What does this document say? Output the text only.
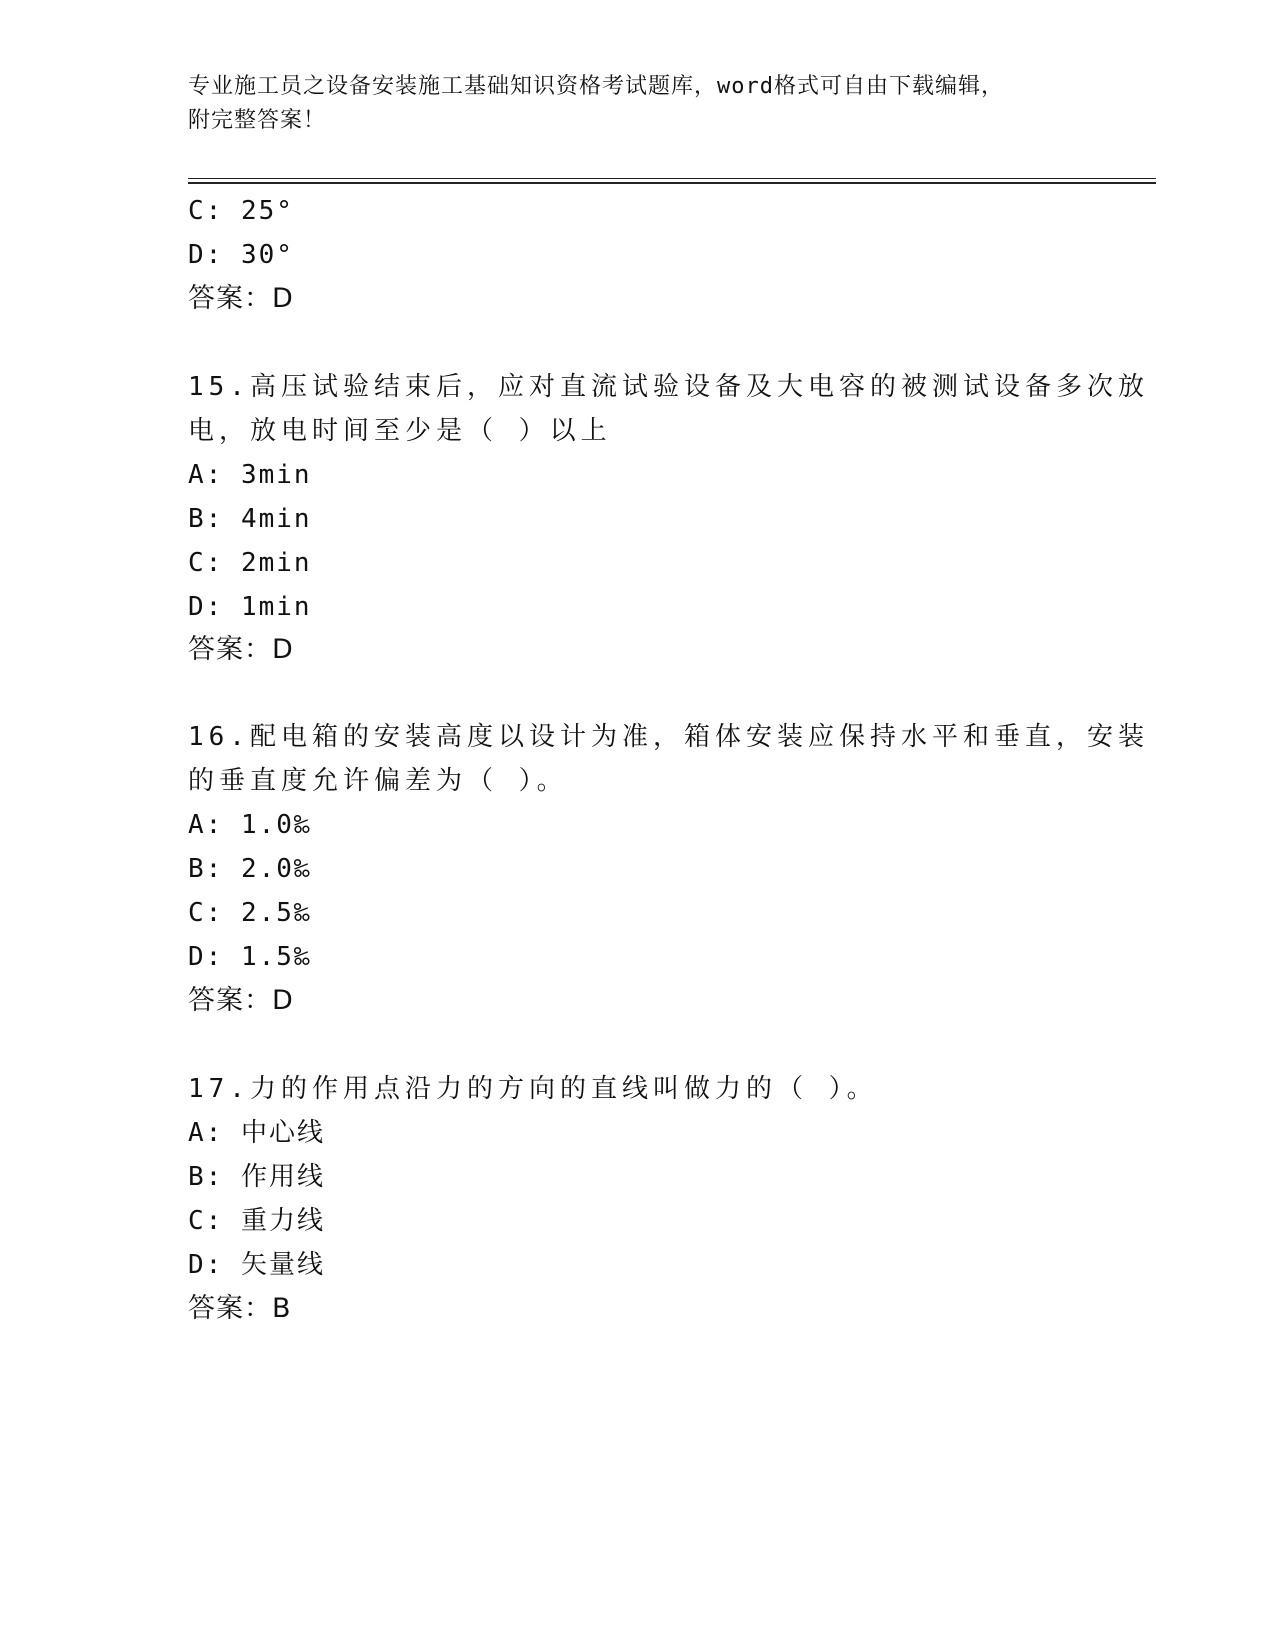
专业施工员之设备安装施工基础知识资格考试题库，word格式可自由下载编辑，
附完整答案！
C: 25°
D: 30°
答案：D
15.高压试验结束后，应对直流试验设备及大电容的被测试设备多次放
电，放电时间至少是（ ）以上
A: 3min
B: 4min
C: 2min
D: 1min
答案：D
16.配电箱的安装高度以设计为准，箱体安装应保持水平和垂直，安装
的垂直度允许偏差为（ ）。
A: 1.0‰
B: 2.0‰
C: 2.5‰
D: 1.5‰
答案：D
17.力的作用点沿力的方向的直线叫做力的（ ）。
A: 中心线
B: 作用线
C: 重力线
D: 矢量线
答案：B
